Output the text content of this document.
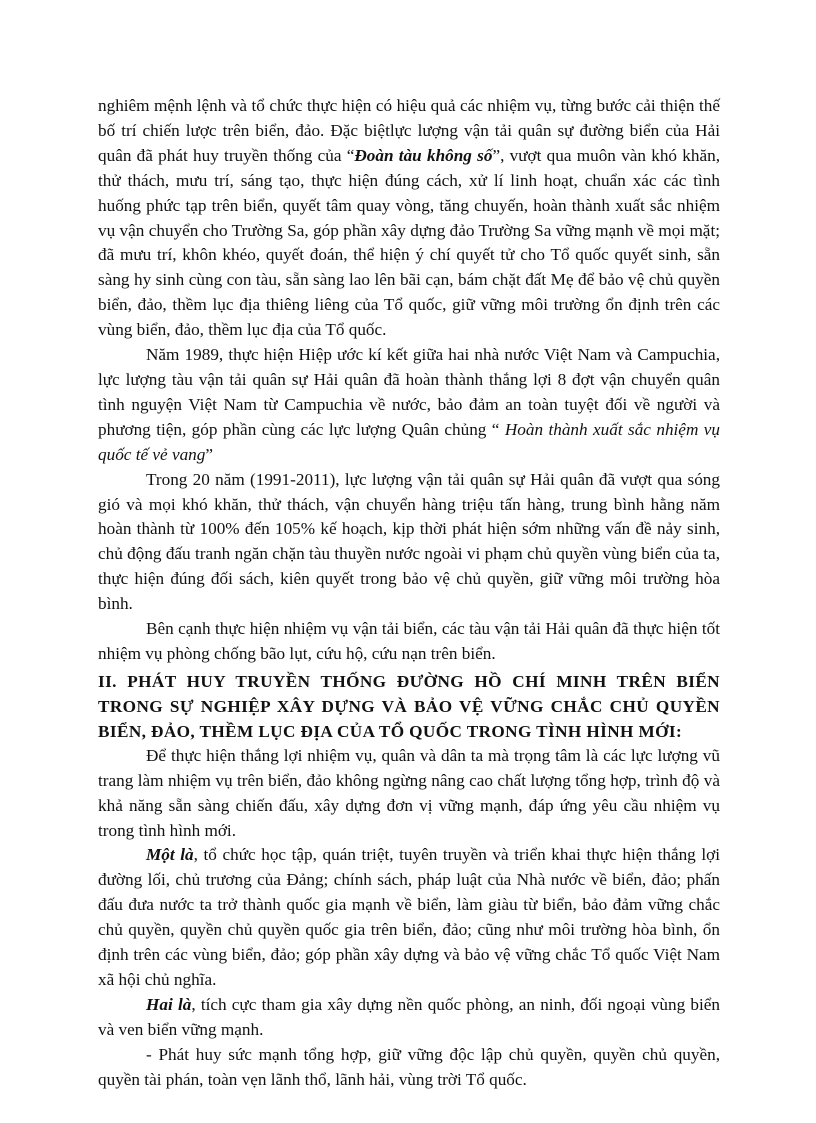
nghiêm mệnh lệnh và tổ chức thực hiện có hiệu quả các nhiệm vụ, từng bước cải thiện thế bố trí chiến lược trên biển, đảo. Đặc biệtlực lượng vận tải quân sự đường biển của Hải quân đã phát huy truyền thống của “Đoàn tàu không số”, vượt qua muôn vàn khó khăn, thử thách, mưu trí, sáng tạo, thực hiện đúng cách, xử lí linh hoạt, chuẩn xác các tình huống phức tạp trên biển, quyết tâm quay vòng, tăng chuyến, hoàn thành xuất sắc nhiệm vụ vận chuyển cho Trường Sa, góp phần xây dựng đảo Trường Sa vững mạnh về mọi mặt; đã mưu trí, khôn khéo, quyết đoán, thể hiện ý chí quyết tử cho Tổ quốc quyết sinh, sẵn sàng hy sinh cùng con tàu, sẵn sàng lao lên bãi cạn, bám chặt đất Mẹ để bảo vệ chủ quyền biển, đảo, thềm lục địa thiêng liêng của Tổ quốc, giữ vững môi trường ổn định trên các vùng biển, đảo, thềm lục địa của Tổ quốc.

Năm 1989, thực hiện Hiệp ước kí kết giữa hai nhà nước Việt Nam và Campuchia, lực lượng tàu vận tải quân sự Hải quân đã hoàn thành thắng lợi 8 đợt vận chuyển quân tình nguyện Việt Nam từ Campuchia về nước, bảo đảm an toàn tuyệt đối về người và phương tiện, góp phần cùng các lực lượng Quân chủng “ Hoàn thành xuất sắc nhiệm vụ quốc tế vẻ vang”

Trong 20 năm (1991-2011), lực lượng vận tải quân sự Hải quân đã vượt qua sóng gió và mọi khó khăn, thử thách, vận chuyển hàng triệu tấn hàng, trung bình hằng năm hoàn thành từ 100% đến 105% kế hoạch, kịp thời phát hiện sớm những vấn đề nảy sinh, chủ động đấu tranh ngăn chặn tàu thuyền nước ngoài vi phạm chủ quyền vùng biển của ta, thực hiện đúng đối sách, kiên quyết trong bảo vệ chủ quyền, giữ vững môi trường hòa bình.

Bên cạnh thực hiện nhiệm vụ vận tải biển, các tàu vận tải Hải quân đã thực hiện tốt nhiệm vụ phòng chống bão lụt, cứu hộ, cứu nạn trên biển.

II. PHÁT HUY TRUYỀN THỐNG ĐƯỜNG HỒ CHÍ MINH TRÊN BIỂN TRONG SỰ NGHIỆP XÂY DỰNG VÀ BẢO VỆ VỮNG CHẮC CHỦ QUYỀN BIỂN, ĐẢO, THỀM LỤC ĐỊA CỦA TỔ QUỐC TRONG TÌNH HÌNH MỚI:

Để thực hiện thắng lợi nhiệm vụ, quân và dân ta mà trọng tâm là các lực lượng vũ trang làm nhiệm vụ trên biển, đảo không ngừng nâng cao chất lượng tổng hợp, trình độ và khả năng sẵn sàng chiến đấu, xây dựng đơn vị vững mạnh, đáp ứng yêu cầu nhiệm vụ trong tình hình mới.

Một là, tổ chức học tập, quán triệt, tuyên truyền và triển khai thực hiện thắng lợi đường lối, chủ trương của Đảng; chính sách, pháp luật của Nhà nước về biển, đảo; phấn đấu đưa nước ta trở thành quốc gia mạnh về biển, làm giàu từ biển, bảo đảm vững chắc chủ quyền, quyền chủ quyền quốc gia trên biển, đảo; cũng như môi trường hòa bình, ổn định trên các vùng biển, đảo; góp phần xây dựng và bảo vệ vững chắc Tổ quốc Việt Nam xã hội chủ nghĩa.

Hai là, tích cực tham gia xây dựng nền quốc phòng, an ninh, đối ngoại vùng biển và ven biển vững mạnh.

- Phát huy sức mạnh tổng hợp, giữ vững độc lập chủ quyền, quyền chủ quyền, quyền tài phán, toàn vẹn lãnh thổ, lãnh hải, vùng trời Tổ quốc.
